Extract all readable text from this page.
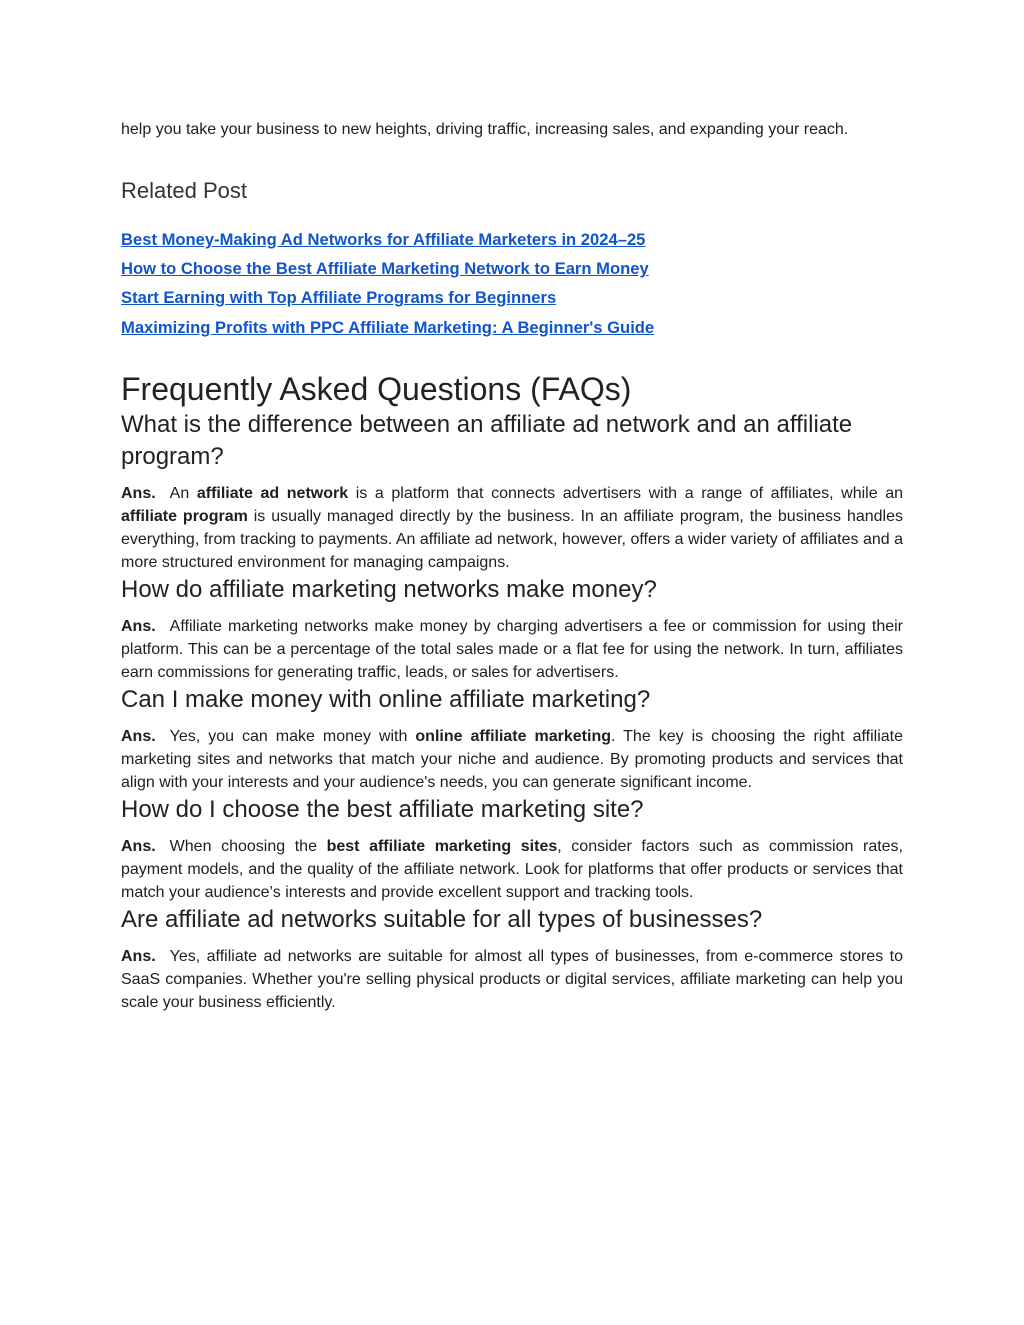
help you take your business to new heights, driving traffic, increasing sales, and expanding your reach.

Related Post
Best Money-Making Ad Networks for Affiliate Marketers in 2024–25
How to Choose the Best Affiliate Marketing Network to Earn Money
Start Earning with Top Affiliate Programs for Beginners
Maximizing Profits with PPC Affiliate Marketing: A Beginner's Guide
Frequently Asked Questions (FAQs)
What is the difference between an affiliate ad network and an affiliate program?

Ans. An affiliate ad network is a platform that connects advertisers with a range of affiliates, while an affiliate program is usually managed directly by the business. In an affiliate program, the business handles everything, from tracking to payments. An affiliate ad network, however, offers a wider variety of affiliates and a more structured environment for managing campaigns.

How do affiliate marketing networks make money?

Ans. Affiliate marketing networks make money by charging advertisers a fee or commission for using their platform. This can be a percentage of the total sales made or a flat fee for using the network. In turn, affiliates earn commissions for generating traffic, leads, or sales for advertisers.

Can I make money with online affiliate marketing?

Ans. Yes, you can make money with online affiliate marketing. The key is choosing the right affiliate marketing sites and networks that match your niche and audience. By promoting products and services that align with your interests and your audience's needs, you can generate significant income.

How do I choose the best affiliate marketing site?

Ans. When choosing the best affiliate marketing sites, consider factors such as commission rates, payment models, and the quality of the affiliate network. Look for platforms that offer products or services that match your audience’s interests and provide excellent support and tracking tools.

Are affiliate ad networks suitable for all types of businesses?

Ans. Yes, affiliate ad networks are suitable for almost all types of businesses, from e-commerce stores to SaaS companies. Whether you're selling physical products or digital services, affiliate marketing can help you scale your business efficiently.
